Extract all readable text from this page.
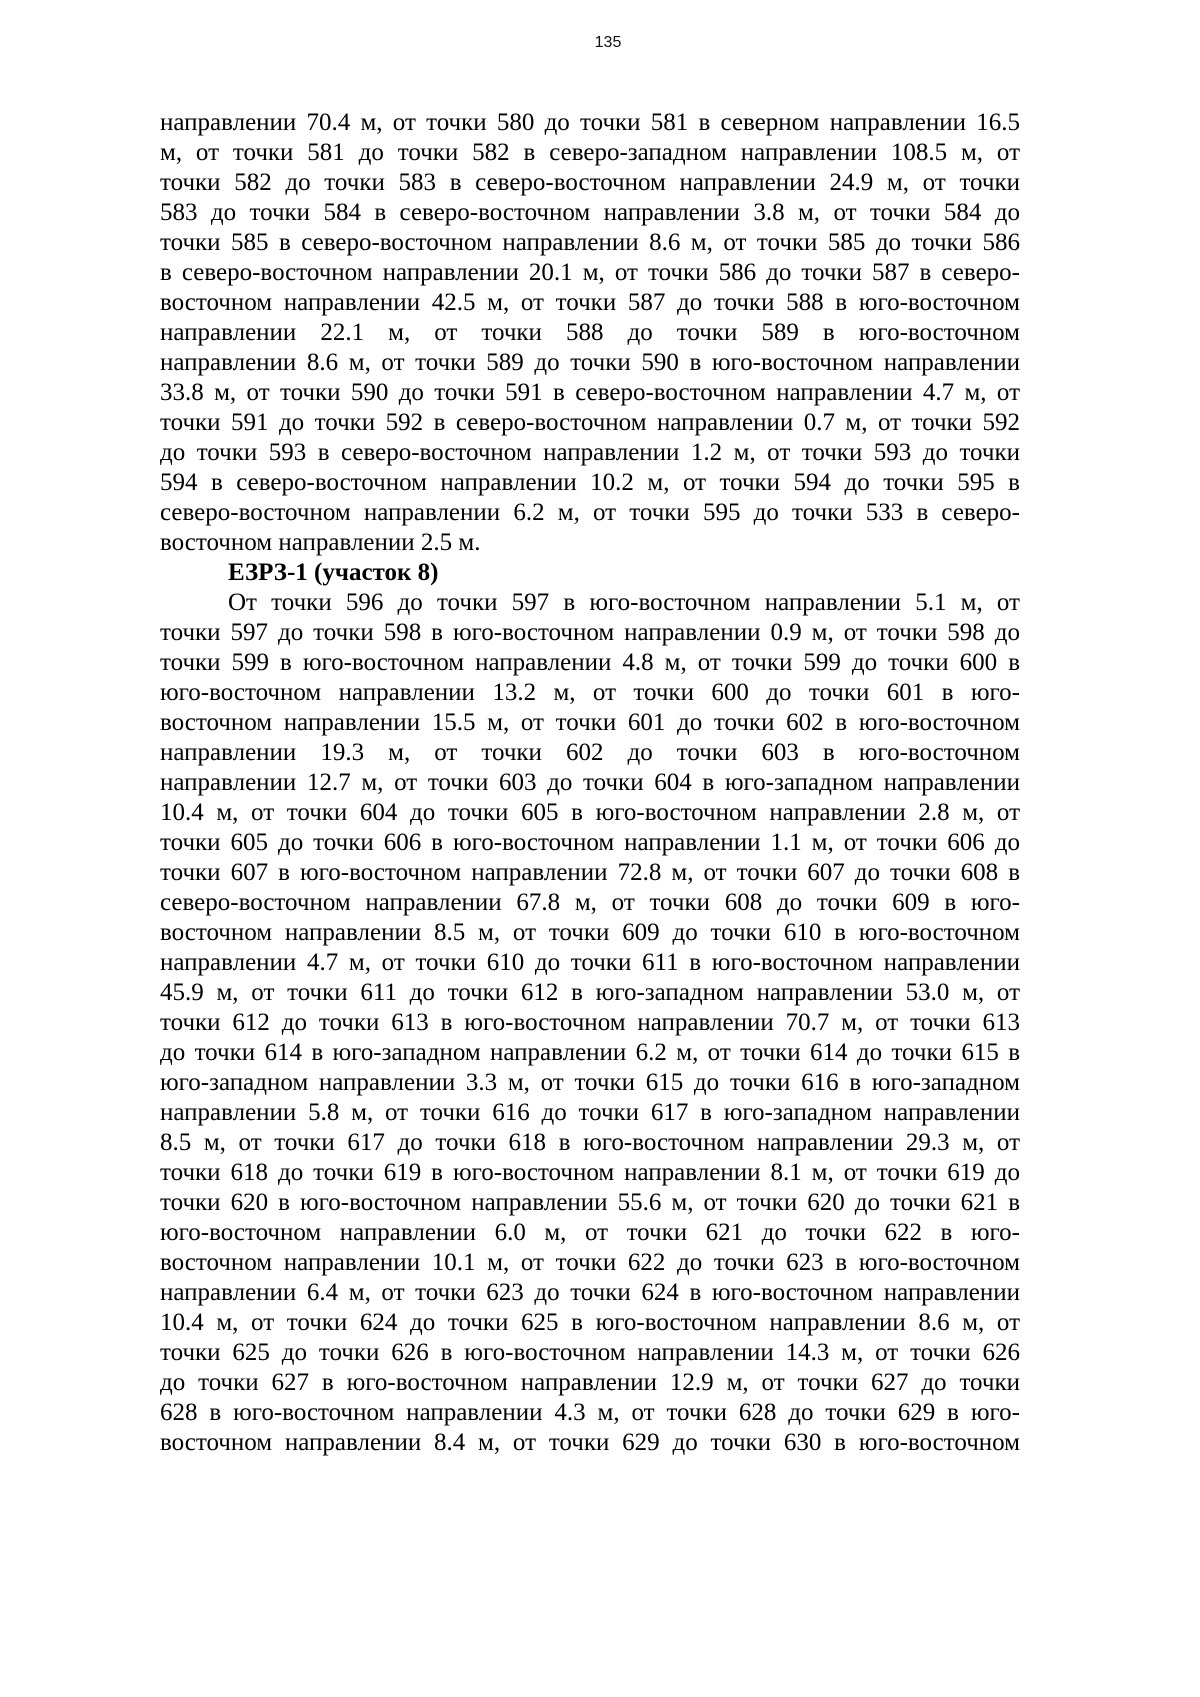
135
направлении 70.4 м, от точки 580 до точки 581 в северном направлении 16.5
м, от точки 581 до точки 582 в северо-западном направлении 108.5 м, от
точки 582 до точки 583 в северо-восточном направлении 24.9 м, от точки
583 до точки 584 в северо-восточном направлении 3.8 м, от точки 584 до
точки 585 в северо-восточном направлении 8.6 м, от точки 585 до точки 586
в северо-восточном направлении 20.1 м, от точки 586 до точки 587 в северо-
восточном направлении 42.5 м, от точки 587 до точки 588 в юго-восточном
направлении 22.1 м, от точки 588 до точки 589 в юго-восточном
направлении 8.6 м, от точки 589 до точки 590 в юго-восточном направлении
33.8 м, от точки 590 до точки 591 в северо-восточном направлении 4.7 м, от
точки 591 до точки 592 в северо-восточном направлении 0.7 м, от точки 592
до точки 593 в северо-восточном направлении 1.2 м, от точки 593 до точки
594 в северо-восточном направлении 10.2 м, от точки 594 до точки 595 в
северо-восточном направлении 6.2 м, от точки 595 до точки 533 в северо-
восточном направлении 2.5 м.
ЕЗРЗ-1 (участок 8)
От точки 596 до точки 597 в юго-восточном направлении 5.1 м, от
точки 597 до точки 598 в юго-восточном направлении 0.9 м, от точки 598 до
точки 599 в юго-восточном направлении 4.8 м, от точки 599 до точки 600 в
юго-восточном направлении 13.2 м, от точки 600 до точки 601 в юго-
восточном направлении 15.5 м, от точки 601 до точки 602 в юго-восточном
направлении 19.3 м, от точки 602 до точки 603 в юго-восточном
направлении 12.7 м, от точки 603 до точки 604 в юго-западном направлении
10.4 м, от точки 604 до точки 605 в юго-восточном направлении 2.8 м, от
точки 605 до точки 606 в юго-восточном направлении 1.1 м, от точки 606 до
точки 607 в юго-восточном направлении 72.8 м, от точки 607 до точки 608 в
северо-восточном направлении 67.8 м, от точки 608 до точки 609 в юго-
восточном направлении 8.5 м, от точки 609 до точки 610 в юго-восточном
направлении 4.7 м, от точки 610 до точки 611 в юго-восточном направлении
45.9 м, от точки 611 до точки 612 в юго-западном направлении 53.0 м, от
точки 612 до точки 613 в юго-восточном направлении 70.7 м, от точки 613
до точки 614 в юго-западном направлении 6.2 м, от точки 614 до точки 615 в
юго-западном направлении 3.3 м, от точки 615 до точки 616 в юго-западном
направлении 5.8 м, от точки 616 до точки 617 в юго-западном направлении
8.5 м, от точки 617 до точки 618 в юго-восточном направлении 29.3 м, от
точки 618 до точки 619 в юго-восточном направлении 8.1 м, от точки 619 до
точки 620 в юго-восточном направлении 55.6 м, от точки 620 до точки 621 в
юго-восточном направлении 6.0 м, от точки 621 до точки 622 в юго-
восточном направлении 10.1 м, от точки 622 до точки 623 в юго-восточном
направлении 6.4 м, от точки 623 до точки 624 в юго-восточном направлении
10.4 м, от точки 624 до точки 625 в юго-восточном направлении 8.6 м, от
точки 625 до точки 626 в юго-восточном направлении 14.3 м, от точки 626
до точки 627 в юго-восточном направлении 12.9 м, от точки 627 до точки
628 в юго-восточном направлении 4.3 м, от точки 628 до точки 629 в юго-
восточном направлении 8.4 м, от точки 629 до точки 630 в юго-восточном
